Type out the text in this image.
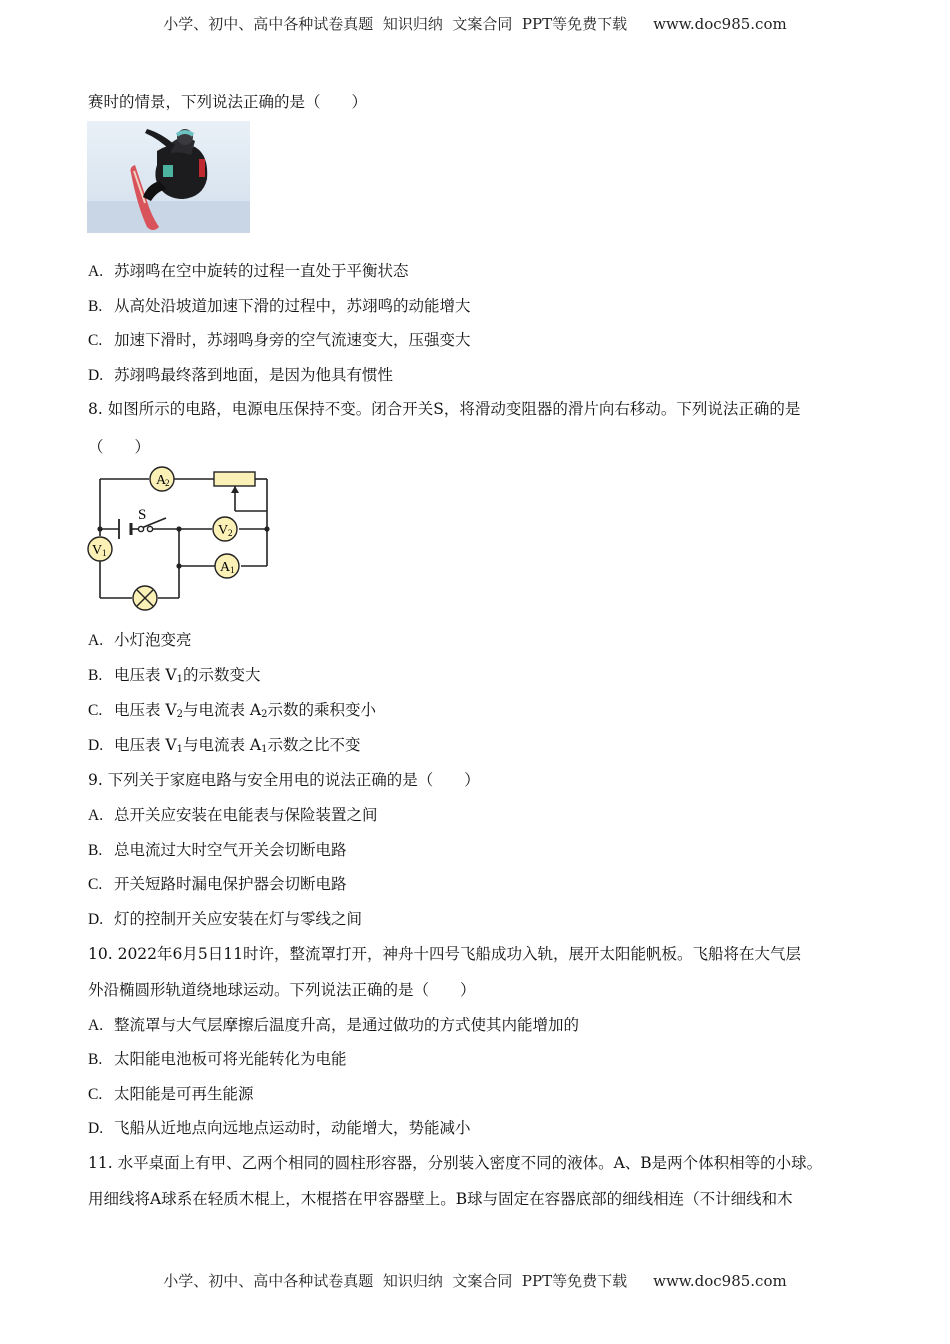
小学、初中、高中各种试卷真题  知识归纳  文案合同  PPT等免费下载 www.doc985.com
赛时的情景，下列说法正确的是（　　）
A. 苏翊鸣在空中旋转的过程一直处于平衡状态
B. 从高处沿坡道加速下滑的过程中，苏翊鸣的动能增大
C. 加速下滑时，苏翊鸣身旁的空气流速变大，压强变大
D. 苏翊鸣最终落到地面，是因为他具有惯性
8. 如图所示的电路，电源电压保持不变。闭合开关S，将滑动变阻器的滑片向右移动。下列说法正确的是
（　　）
A
2
V 2
V 1
A 1
S
A. 小灯泡变亮
B. 电压表 $V_1$的示数变大
C. 电压表 $V_2$与电流表 $A_2$示数的乘积变小
D. 电压表 $V_1$与电流表 $A_1$示数之比不变
9. 下列关于家庭电路与安全用电的说法正确的是（　　）
A. 总开关应安装在电能表与保险装置之间
B. 总电流过大时空气开关会切断电路
C. 开关短路时漏电保护器会切断电路
D. 灯的控制开关应安装在灯与零线之间
10. 2022年6月5日11时许，整流罩打开，神舟十四号飞船成功入轨，展开太阳能帆板。飞船将在大气层
外沿椭圆形轨道绕地球运动。下列说法正确的是（　　）
A. 整流罩与大气层摩擦后温度升高，是通过做功的方式使其内能增加的
B. 太阳能电池板可将光能转化为电能
C. 太阳能是可再生能源
D. 飞船从近地点向远地点运动时，动能增大，势能减小
11. 水平桌面上有甲、乙两个相同的圆柱形容器，分别装入密度不同的液体。A、B是两个体积相等的小球。
用细线将A球系在轻质木棍上，木棍搭在甲容器壁上。B球与固定在容器底部的细线相连（不计细线和木
小学、初中、高中各种试卷真题  知识归纳  文案合同  PPT等免费下载 www.doc985.com
